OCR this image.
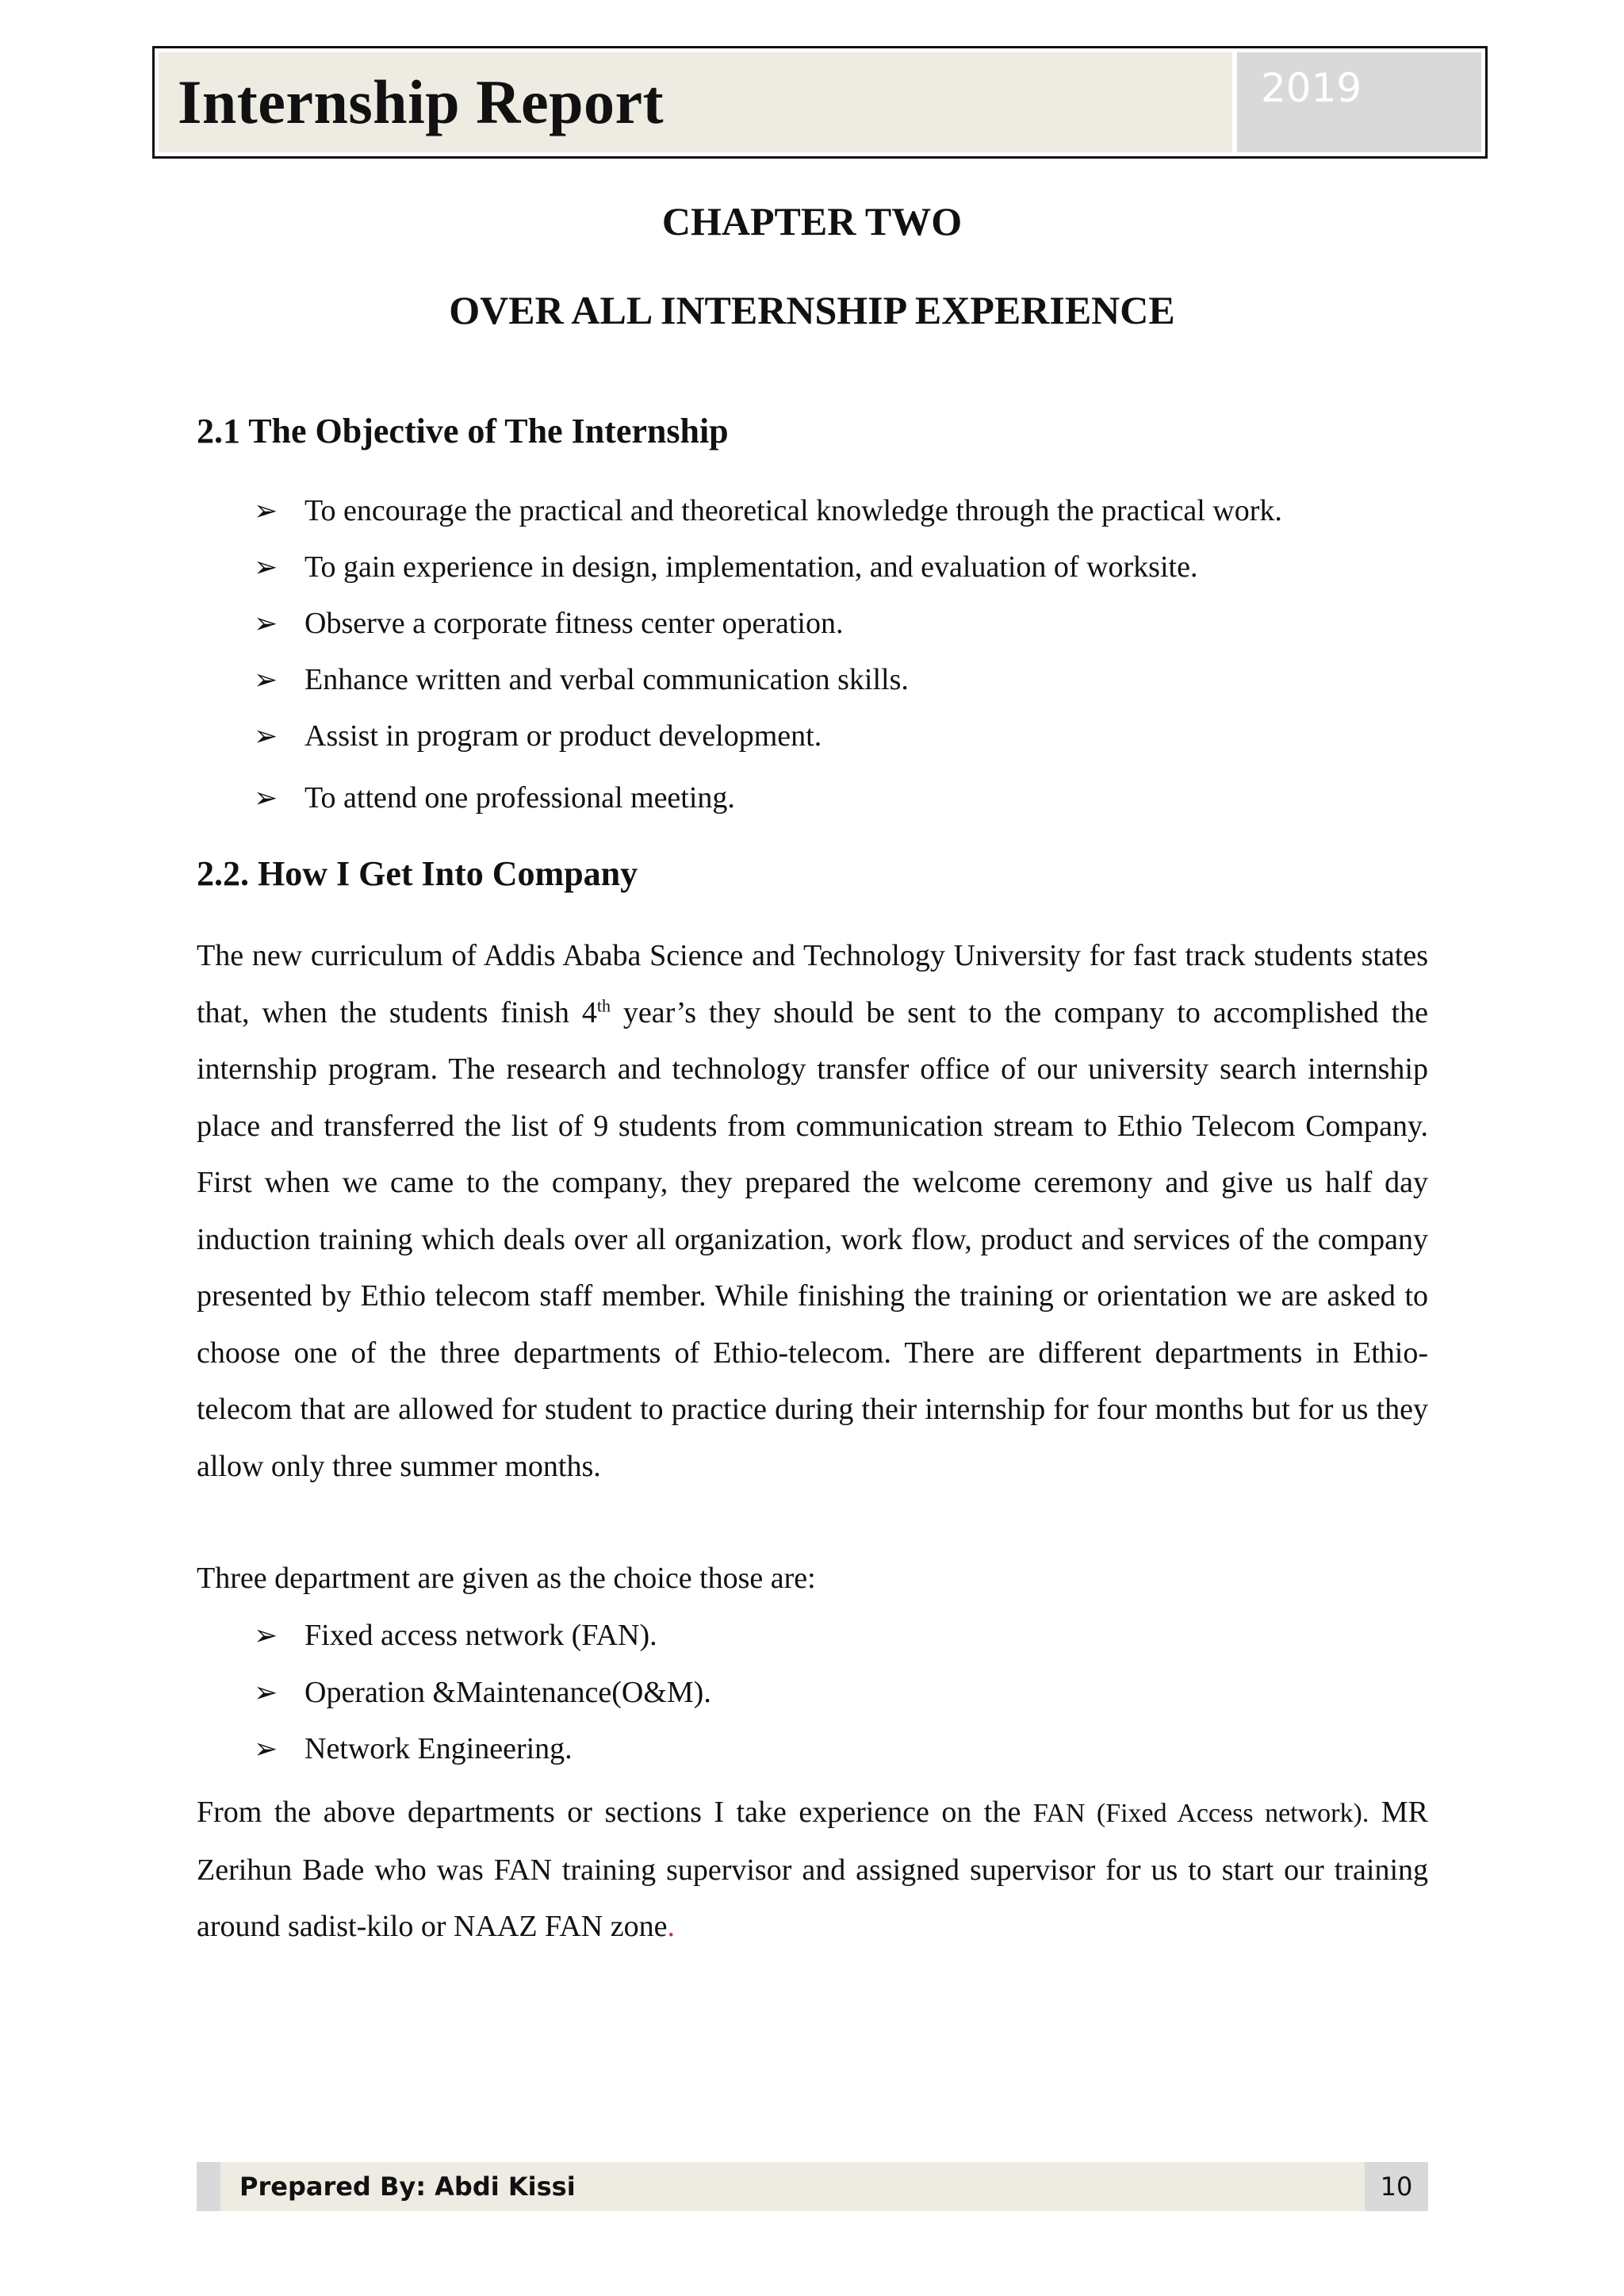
Internship Report	2019
CHAPTER TWO
OVER ALL INTERNSHIP EXPERIENCE
2.1 The Objective of The Internship
➢ To encourage the practical and theoretical knowledge through the practical work.
➢ To gain experience in design, implementation, and evaluation of worksite.
➢ Observe a corporate fitness center operation.
➢ Enhance written and verbal communication skills.
➢ Assist in program or product development.
➢ To attend one professional meeting.
2.2. How I Get Into Company

The new curriculum of Addis Ababa Science and Technology University for fast track students states that, when the students finish 4th year’s they should be sent to the company to accomplished the internship program. The research and technology transfer office of our university search internship place and transferred the list of 9 students from communication stream to Ethio Telecom Company. First when we came to the company, they prepared the welcome ceremony and give us half day induction training which deals over all organization, work flow, product and services of the company presented by Ethio telecom staff member. While finishing the training or orientation we are asked to choose one of the three departments of Ethio-telecom. There are different departments in Ethio-telecom that are allowed for student to practice during their internship for four months but for us they allow only three summer months.

Three department are given as the choice those are:
➢ Fixed access network (FAN).
➢ Operation &Maintenance(O&M).
➢ Network Engineering.

From the above departments or sections I take experience on the FAN (Fixed Access network). MR Zerihun Bade who was FAN training supervisor and assigned supervisor for us to start our training around sadist-kilo or NAAZ FAN zone.

Prepared By: Abdi Kissi	10
